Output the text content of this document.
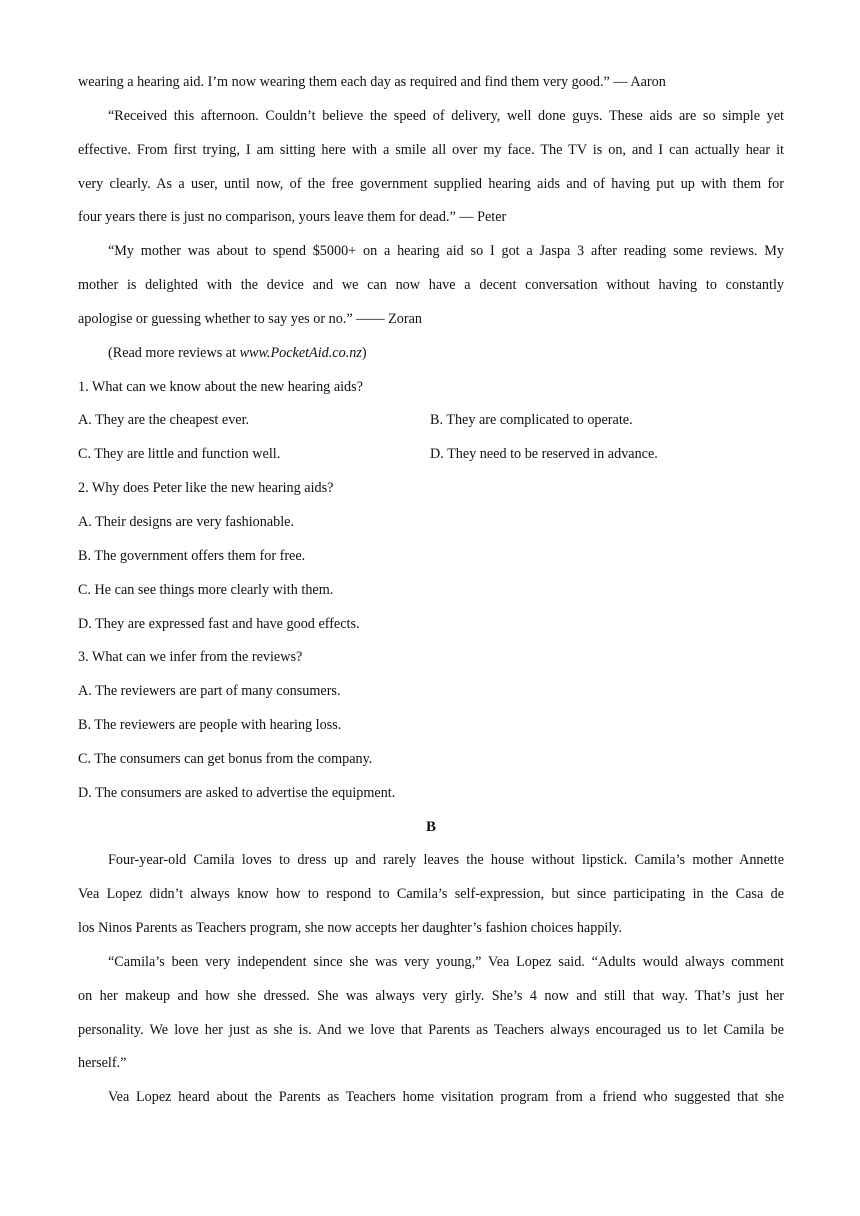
wearing a hearing aid. I’m now wearing them each day as required and find them very good.” — Aaron
“Received this afternoon. Couldn’t believe the speed of delivery, well done guys. These aids are so simple yet
effective. From first trying, I am sitting here with a smile all over my face. The TV is on, and I can actually hear it
very clearly. As a user, until now, of the free government supplied hearing aids and of having put up with them for
four years there is just no comparison, yours leave them for dead.” — Peter
“My mother was about to spend $5000+ on a hearing aid so I got a Jaspa 3 after reading some reviews. My
mother is delighted with the device and we can now have a decent conversation without having to constantly
apologise or guessing whether to say yes or no.” —— Zoran
(Read more reviews at www.PocketAid.co.nz)
1. What can we know about the new hearing aids?
A. They are the cheapest ever.	B. They are complicated to operate.
C. They are little and function well.	D. They need to be reserved in advance.
2. Why does Peter like the new hearing aids?
A. Their designs are very fashionable.
B. The government offers them for free.
C. He can see things more clearly with them.
D. They are expressed fast and have good effects.
3. What can we infer from the reviews?
A. The reviewers are part of many consumers.
B. The reviewers are people with hearing loss.
C. The consumers can get bonus from the company.
D. The consumers are asked to advertise the equipment.
B
Four-year-old Camila loves to dress up and rarely leaves the house without lipstick. Camila’s mother Annette
Vea Lopez didn’t always know how to respond to Camila’s self-expression, but since participating in the Casa de
los Ninos Parents as Teachers program, she now accepts her daughter’s fashion choices happily.
“Camila’s been very independent since she was very young,” Vea Lopez said. “Adults would always comment
on her makeup and how she dressed. She was always very girly. She’s 4 now and still that way. That’s just her
personality. We love her just as she is. And we love that Parents as Teachers always encouraged us to let Camila be
herself.”
Vea Lopez heard about the Parents as Teachers home visitation program from a friend who suggested that she
